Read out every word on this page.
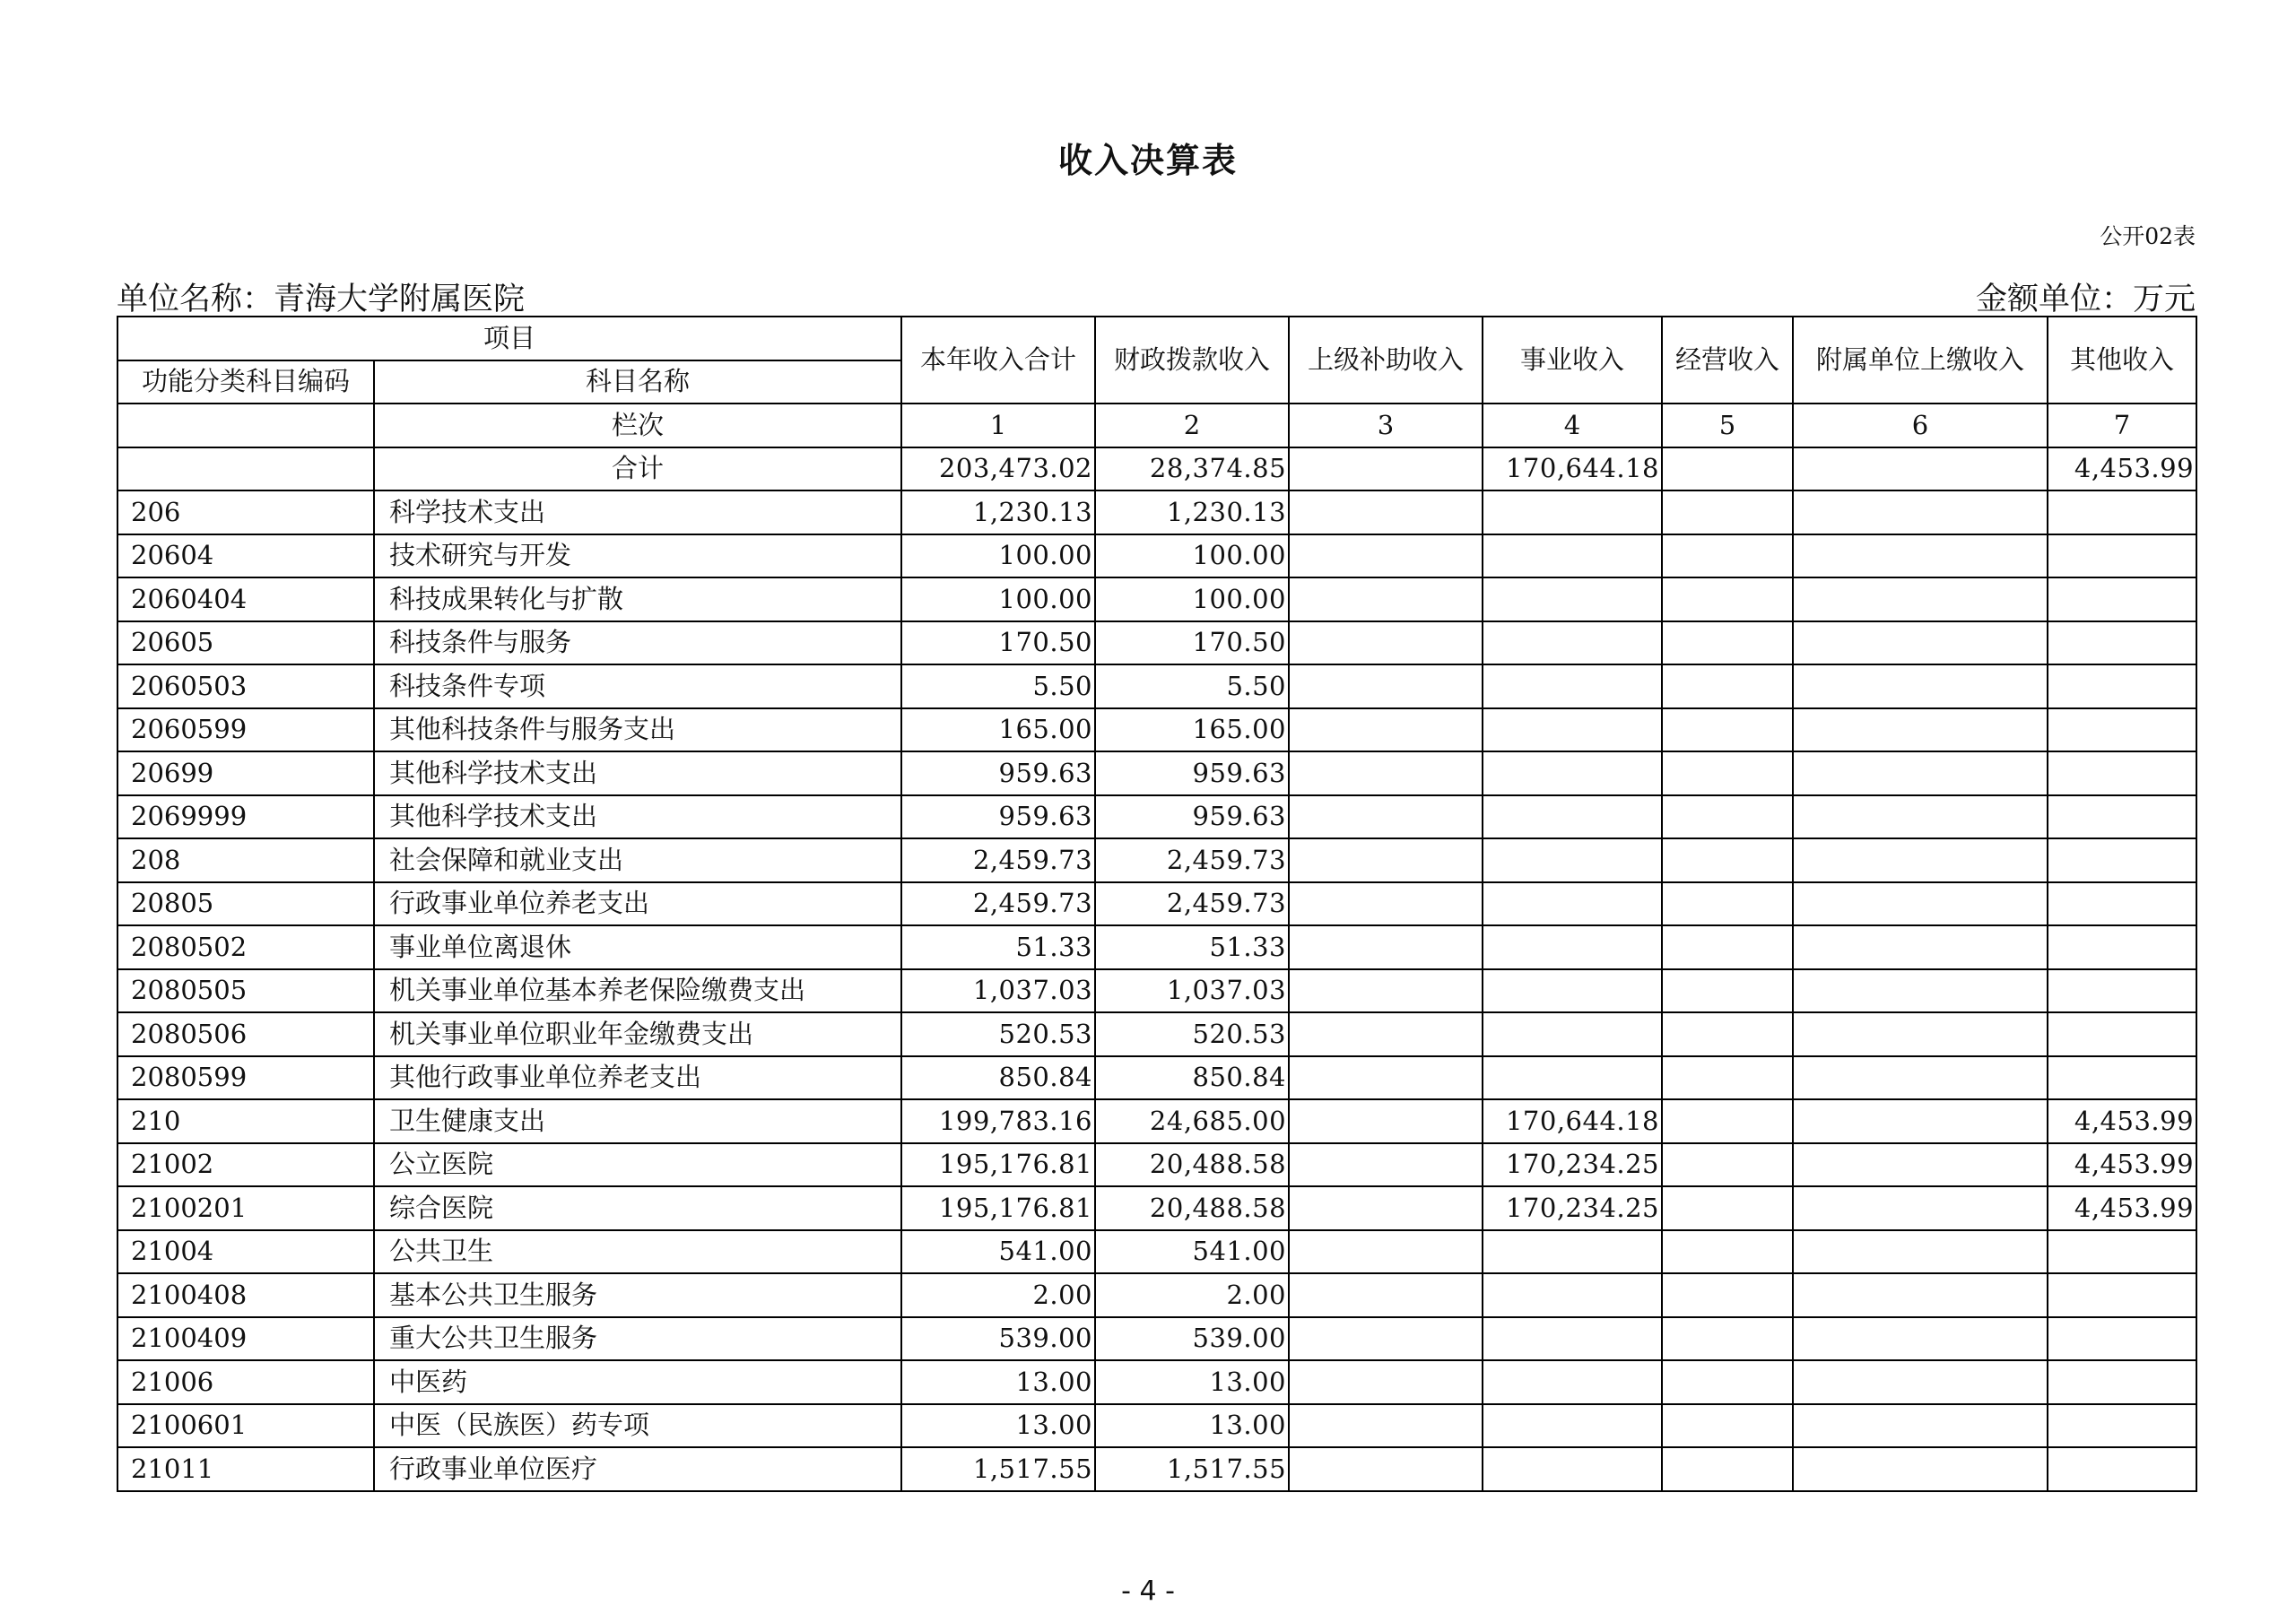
收入决算表
公开02表
单位名称：青海大学附属医院	金额单位：万元
项目		本年收入合计	财政拨款收入	上级补助收入	事业收入	经营收入	附属单位上缴收入	其他收入
功能分类科目编码	科目名称							
	栏次	1	2	3	4	5	6	7
	合计	203,473.02	28,374.85		170,644.18			4,453.99
206	科学技术支出	1,230.13	1,230.13					
20604	技术研究与开发	100.00	100.00					
2060404	科技成果转化与扩散	100.00	100.00					
20605	科技条件与服务	170.50	170.50					
2060503	科技条件专项	5.50	5.50					
2060599	其他科技条件与服务支出	165.00	165.00					
20699	其他科学技术支出	959.63	959.63					
2069999	其他科学技术支出	959.63	959.63					
208	社会保障和就业支出	2,459.73	2,459.73					
20805	行政事业单位养老支出	2,459.73	2,459.73					
2080502	事业单位离退休	51.33	51.33					
2080505	机关事业单位基本养老保险缴费支出	1,037.03	1,037.03					
2080506	机关事业单位职业年金缴费支出	520.53	520.53					
2080599	其他行政事业单位养老支出	850.84	850.84					
210	卫生健康支出	199,783.16	24,685.00		170,644.18			4,453.99
21002	公立医院	195,176.81	20,488.58		170,234.25			4,453.99
2100201	综合医院	195,176.81	20,488.58		170,234.25			4,453.99
21004	公共卫生	541.00	541.00					
2100408	基本公共卫生服务	2.00	2.00					
2100409	重大公共卫生服务	539.00	539.00					
21006	中医药	13.00	13.00					
2100601	中医（民族医）药专项	13.00	13.00					
21011	行政事业单位医疗	1,517.55	1,517.55					
- 4 -
